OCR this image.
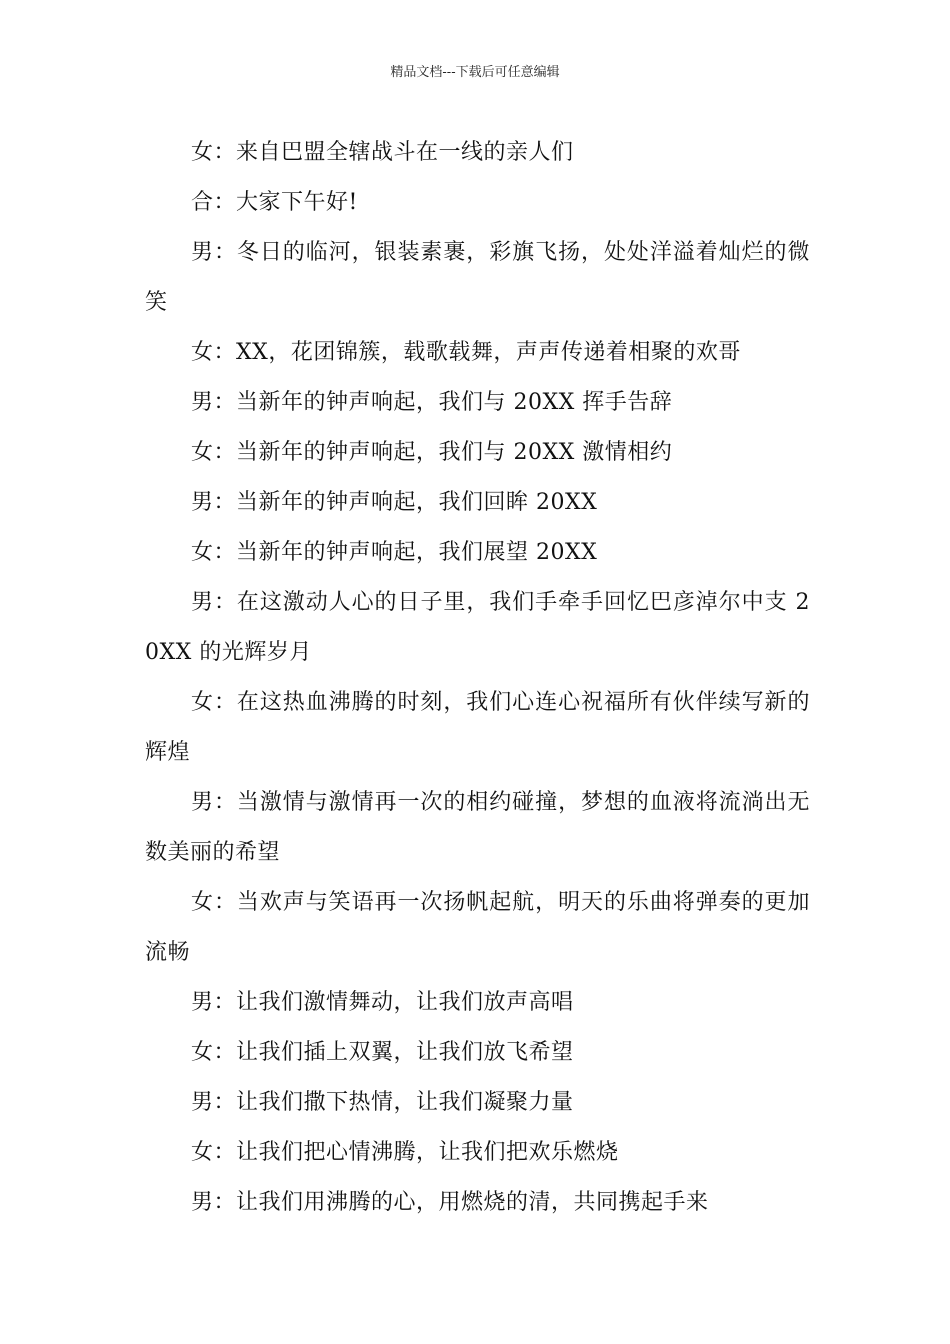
精品文档---下载后可任意编辑

女：来自巴盟全辖战斗在一线的亲人们

合：大家下午好!

男：冬日的临河，银装素裹，彩旗飞扬，处处洋溢着灿烂的微笑

女：XX，花团锦簇，载歌载舞，声声传递着相聚的欢哥

男：当新年的钟声响起，我们与 20XX 挥手告辞

女：当新年的钟声响起，我们与 20XX 激情相约

男：当新年的钟声响起，我们回眸 20XX

女：当新年的钟声响起，我们展望 20XX

男：在这激动人心的日子里，我们手牵手回忆巴彦淖尔中支 20XX 的光辉岁月

女：在这热血沸腾的时刻，我们心连心祝福所有伙伴续写新的辉煌

男：当激情与激情再一次的相约碰撞，梦想的血液将流淌出无数美丽的希望

女：当欢声与笑语再一次扬帆起航，明天的乐曲将弹奏的更加流畅

男：让我们激情舞动，让我们放声高唱

女：让我们插上双翼，让我们放飞希望

男：让我们撒下热情，让我们凝聚力量

女：让我们把心情沸腾，让我们把欢乐燃烧

男：让我们用沸腾的心，用燃烧的清，共同携起手来
